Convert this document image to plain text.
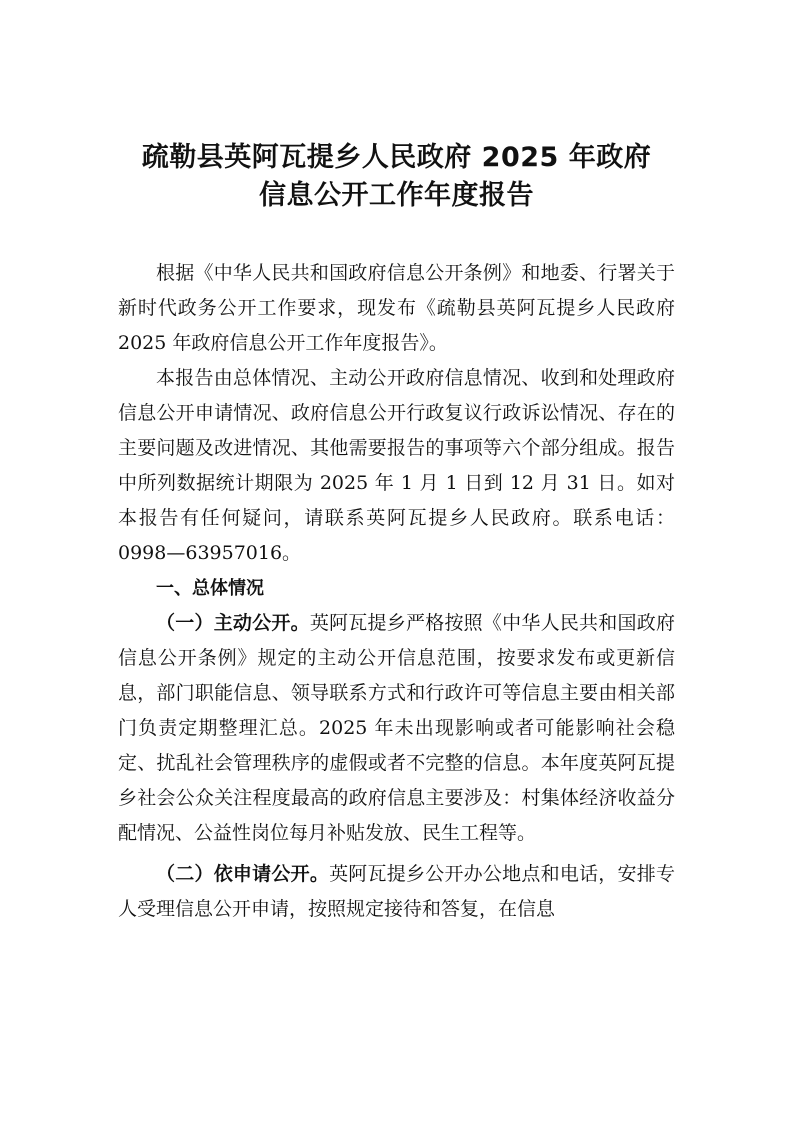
疏勒县英阿瓦提乡人民政府 2025 年政府
信息公开工作年度报告

根据《中华人民共和国政府信息公开条例》和地委、行署关于新时代政务公开工作要求，现发布《疏勒县英阿瓦提乡人民政府 2025 年政府信息公开工作年度报告》。

本报告由总体情况、主动公开政府信息情况、收到和处理政府信息公开申请情况、政府信息公开行政复议行政诉讼情况、存在的主要问题及改进情况、其他需要报告的事项等六个部分组成。报告中所列数据统计期限为 2025 年 1 月 1 日到 12 月 31 日。如对本报告有任何疑问，请联系英阿瓦提乡人民政府。联系电话：0998—63957016。

一、总体情况

（一）主动公开。英阿瓦提乡严格按照《中华人民共和国政府信息公开条例》规定的主动公开信息范围，按要求发布或更新信息，部门职能信息、领导联系方式和行政许可等信息主要由相关部门负责定期整理汇总。2025 年未出现影响或者可能影响社会稳定、扰乱社会管理秩序的虚假或者不完整的信息。本年度英阿瓦提乡社会公众关注程度最高的政府信息主要涉及：村集体经济收益分配情况、公益性岗位每月补贴发放、民生工程等。

（二）依申请公开。英阿瓦提乡公开办公地点和电话，安排专人受理信息公开申请，按照规定接待和答复，在信息
